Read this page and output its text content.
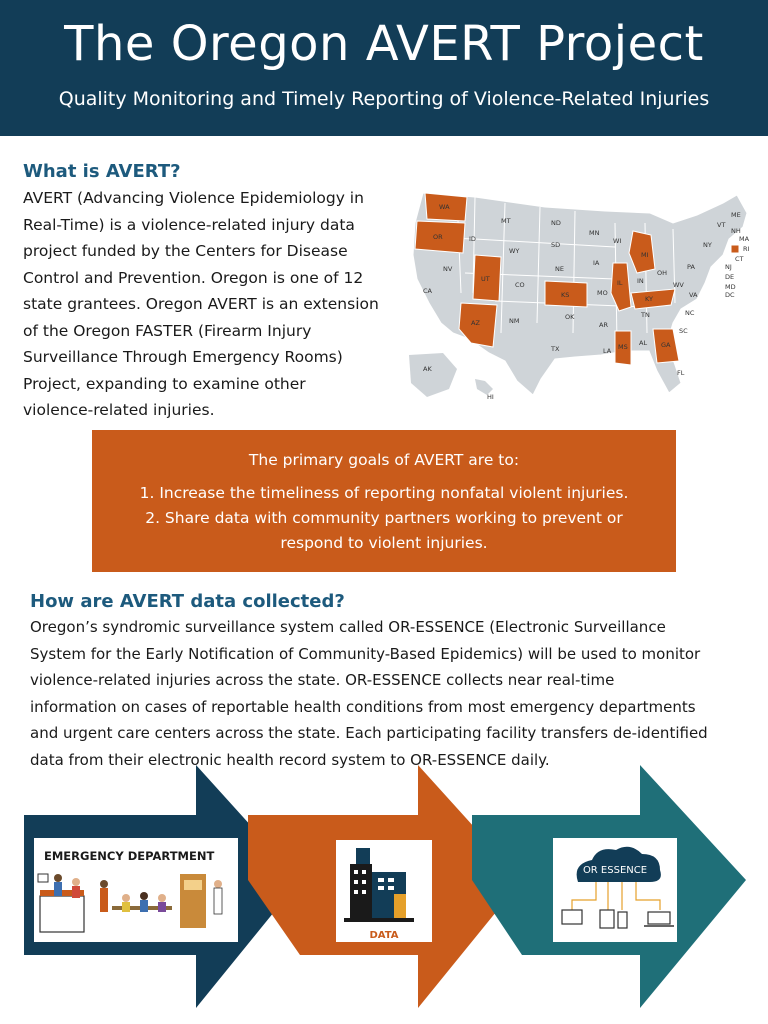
The Oregon AVERT Project
Quality Monitoring and Timely Reporting of Violence-Related Injuries
What is AVERT?
AVERT (Advancing Violence Epidemiology in
Real-Time) is a violence-related injury data
project funded by the Centers for Disease
Control and Prevention. Oregon is one of 12
state grantees. Oregon AVERT is an extension
of the Oregon FASTER (Firearm Injury
Surveillance Through Emergency Rooms)
Project, expanding to examine other
violence-related injuries.
WA
OR	ID
MT	ND
SD
MN
WY
NV
UT
CO
CA
AZ	NM
NE
KS
OK
TX
IA
MO
AR
LA
WI
MI
IL IN
OH
KY
TN
MS AL GA
FL
SC
NC
VA
WV
PA
NY
ME
VT
NH
MA
RI
CT
NJ
DE
MD
DC
AK
HI
The primary goals of AVERT are to:
1. Increase the timeliness of reporting nonfatal violent injuries.
2. Share data with community partners working to prevent or
respond to violent injuries.
How are AVERT data collected?
Oregon’s syndromic surveillance system called OR-ESSENCE (Electronic Surveillance
System for the Early Notification of Community-Based Epidemics) will be used to monitor
violence-related injuries across the state. OR-ESSENCE collects near real-time
information on cases of reportable health conditions from most emergency departments
and urgent care centers across the state. Each participating facility transfers de-identified
data from their electronic health record system to OR-ESSENCE daily.
EMERGENCY DEPARTMENT
DATA
OR ESSENCE
